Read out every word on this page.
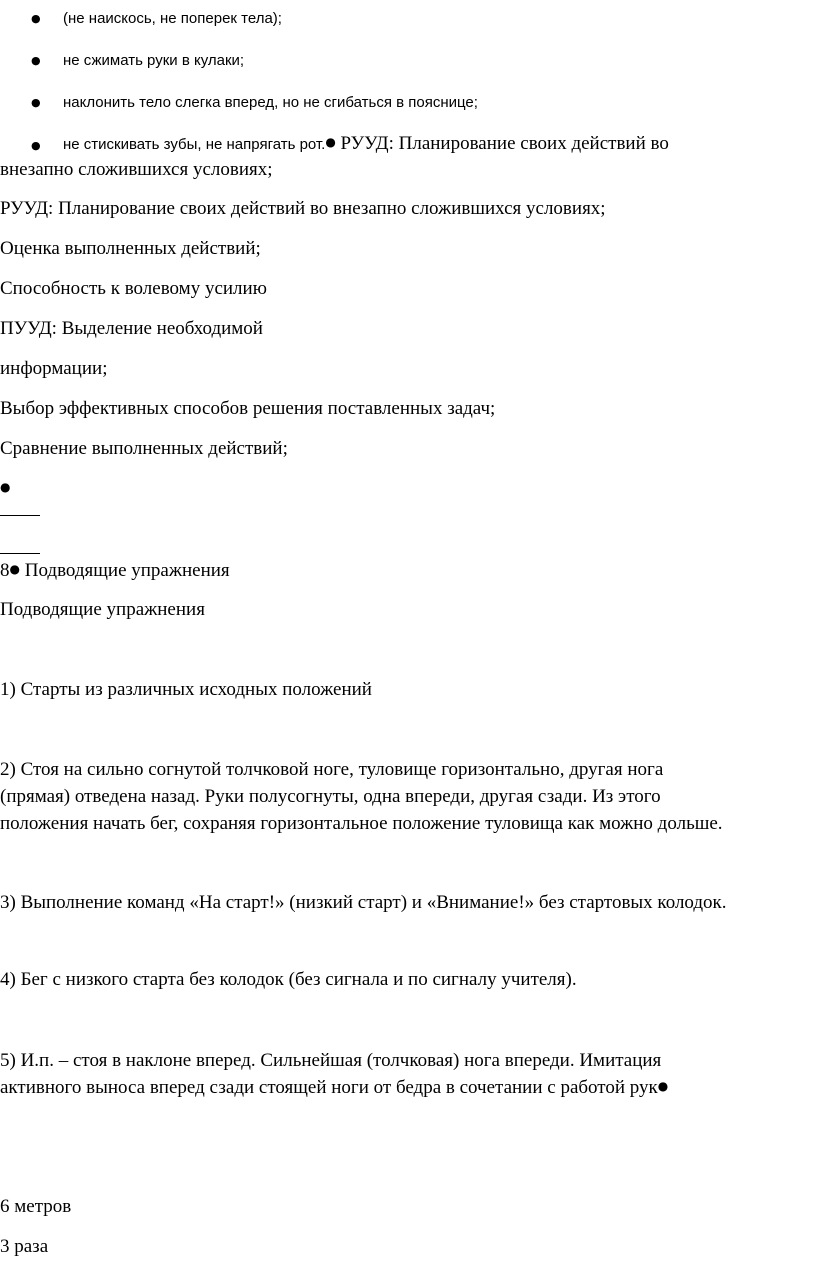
● (не наискось, не поперек тела);
● не сжимать руки в кулаки;
● наклонить тело слегка вперед, но не сгибаться в пояснице;
● не стискивать зубы, не напрягать рот.● РУУД: Планирование своих действий во
внезапно сложившихся условиях;
РУУД: Планирование своих действий во внезапно сложившихся условиях;
Оценка выполненных действий;
Способность к волевому усилию
ПУУД: Выделение необходимой
информации;
Выбор эффективных способов решения поставленных задач;
Сравнение выполненных действий;
●
8● Подводящие упражнения
Подводящие упражнения
1) Старты из различных исходных положений
2) Стоя на сильно согнутой толчковой ноге, туловище горизонтально, другая нога
(прямая) отведена назад. Руки полусогнуты, одна впереди, другая сзади. Из этого
положения начать бег, сохраняя горизонтальное положение туловища как можно дольше.
3) Выполнение команд «На старт!» (низкий старт) и «Внимание!» без стартовых колодок.
4) Бег с низкого старта без колодок (без сигнала и по сигналу учителя).
5) И.п. – стоя в наклоне вперед. Сильнейшая (толчковая) нога впереди. Имитация
активного выноса вперед сзади стоящей ноги от бедра в сочетании с работой рук●
6 метров
3 раза
